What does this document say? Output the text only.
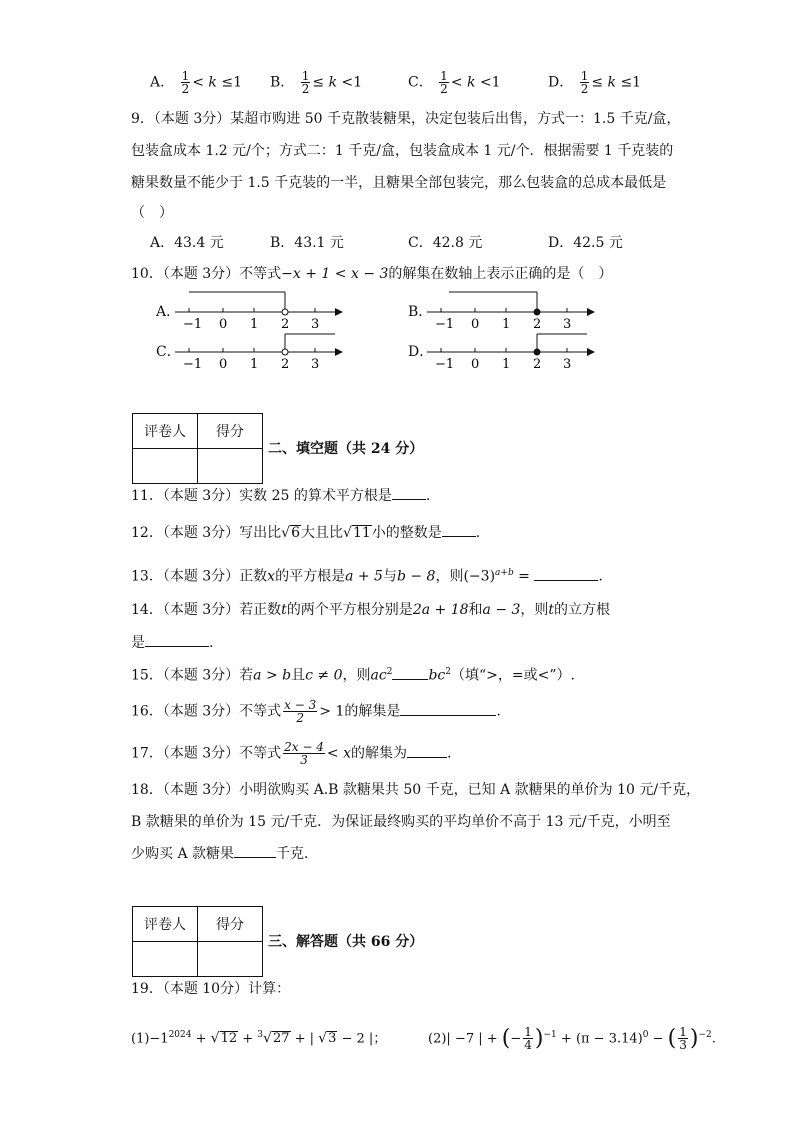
A． $\frac{1}{2} < k \le 1$ B． $\frac{1}{2} \le k <1$	C． $\frac{1}{2} < k <1$	D． $\frac{1}{2} \le k \le 1$
9．（本题 3分）某超市购进 50 千克散装糖果，决定包装后出售，方式一：1.5 千克/盒，
包装盒成本 1.2 元/个；方式二：1 千克/盒，包装盒成本 1 元/个．根据需要 1 千克装的
糖果数量不能少于 1.5 千克装的一半，且糖果全部包装完，那么包装盒的总成本最低是
（　）
A．43.4 元	B．43.1 元	C．42.8 元	D．42.5 元
10．（本题 3分）不等式−x + 1 < x − 3的解集在数轴上表示正确的是（　）
A．	B．
C．	D．
−1 0 1 2 3	−1 0 1 2 3
−1 0 1 2 3	−1 0 1 2 3
评卷人	得分

二、填空题（共 24 分）
11．（本题 3分）实数 25 的算术平方根是 .
12．（本题 3分）写出比√6大且比√11小的整数是 .
13．（本题 3分）正数x的平方根是a + 5与b − 8，则$(-3)^{a+b}$ =	.
14．（本题 3分）若正数t的两个平方根分别是2a + 18和a − 3，则t的立方根
是	.
15．（本题 3分）若a > b且c ≠ 0，则$ac^2$	$bc^2$（填“>，=或<”）.
16．（本题 3分）不等式 $\frac{x - 3}{2} > 1$的解集是	.
17．（本题 3分）不等式 $\frac{2x - 4}{3} < x$的解集为	.
18．（本题 3分）小明欲购买 A.B 款糖果共 50 千克，已知 A 款糖果的单价为 10 元/千克，
B 款糖果的单价为 15 元/千克．为保证最终购买的平均单价不高于 13 元/千克，小明至
少购买 A 款糖果	千克．
评卷人	得分

三、解答题（共 66 分）
19．（本题 10分）计算：
$(1)-1^{2024} + √12 + ^3√27$ + | √3 − 2 |；	(2)| −7 | + (− $\frac{1}{4} )^{-1} + (\pi - 3.14)^0$ − ( $\frac{1}{3} )^{-2}$.
